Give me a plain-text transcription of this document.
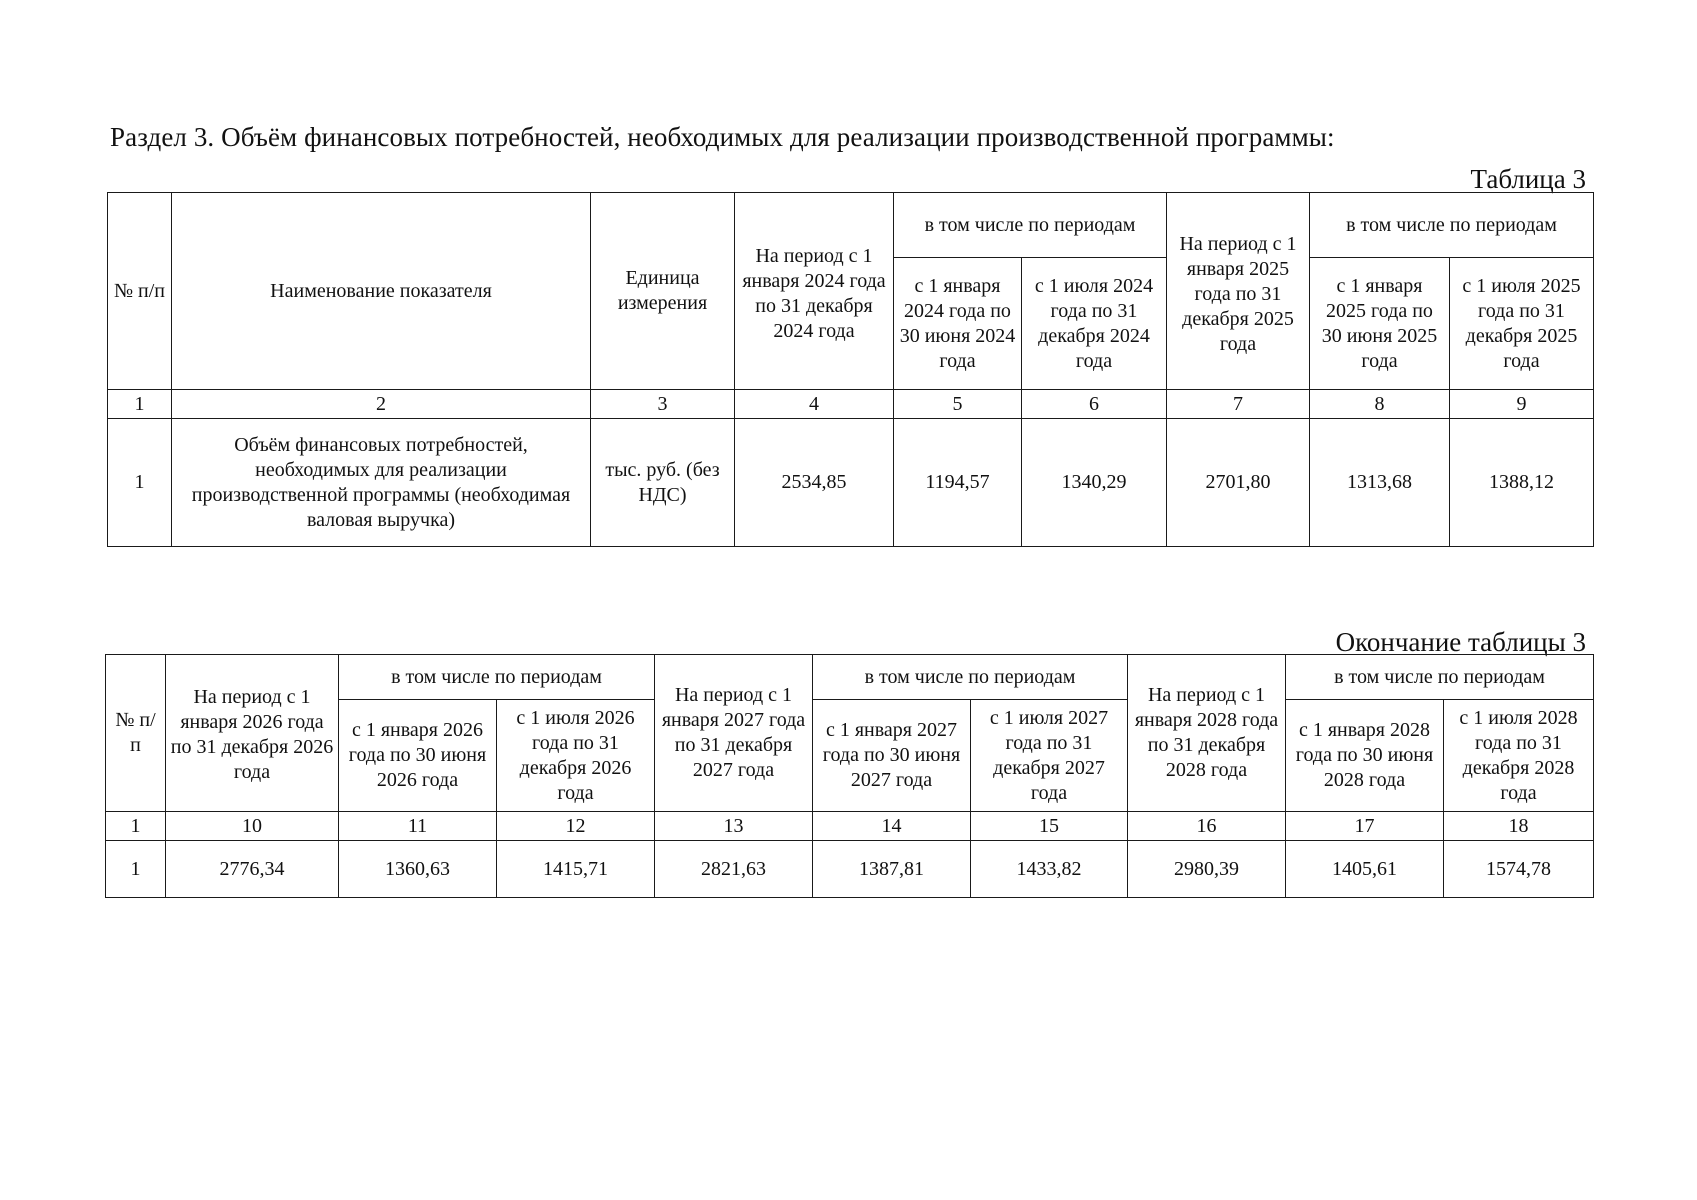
Раздел 3. Объём финансовых потребностей, необходимых для реализации производственной программы:
Таблица 3
№ п/п	Наименование показателя	Единица измерения	На период с 1 января 2024 года по 31 декабря 2024 года	в том числе по периодам		На период с 1 января 2025 года по 31 декабря 2025 года	в том числе по периодам	
				с 1 января 2024 года по 30 июня 2024 года	с 1 июля 2024 года по 31 декабря 2024 года		с 1 января 2025 года по 30 июня 2025 года	с 1 июля 2025 года по 31 декабря 2025 года
1	2	3	4	5	6	7	8	9
1	Объём финансовых потребностей, необходимых для реализации производственной программы (необходимая валовая выручка)	тыс. руб. (без НДС)	2534,85	1194,57	1340,29	2701,80	1313,68	1388,12
Окончание таблицы 3
№ п/п	На период с 1 января 2026 года по 31 декабря 2026 года	в том числе по периодам		На период с 1 января 2027 года по 31 декабря 2027 года	в том числе по периодам		На период с 1 января 2028 года по 31 декабря 2028 года	в том числе по периодам	
		с 1 января 2026 года по 30 июня 2026 года	с 1 июля 2026 года по 31 декабря 2026 года		с 1 января 2027 года по 30 июня 2027 года	с 1 июля 2027 года по 31 декабря 2027 года		с 1 января 2028 года по 30 июня 2028 года	с 1 июля 2028 года по 31 декабря 2028 года
1	10	11	12	13	14	15	16	17	18
1	2776,34	1360,63	1415,71	2821,63	1387,81	1433,82	2980,39	1405,61	1574,78
